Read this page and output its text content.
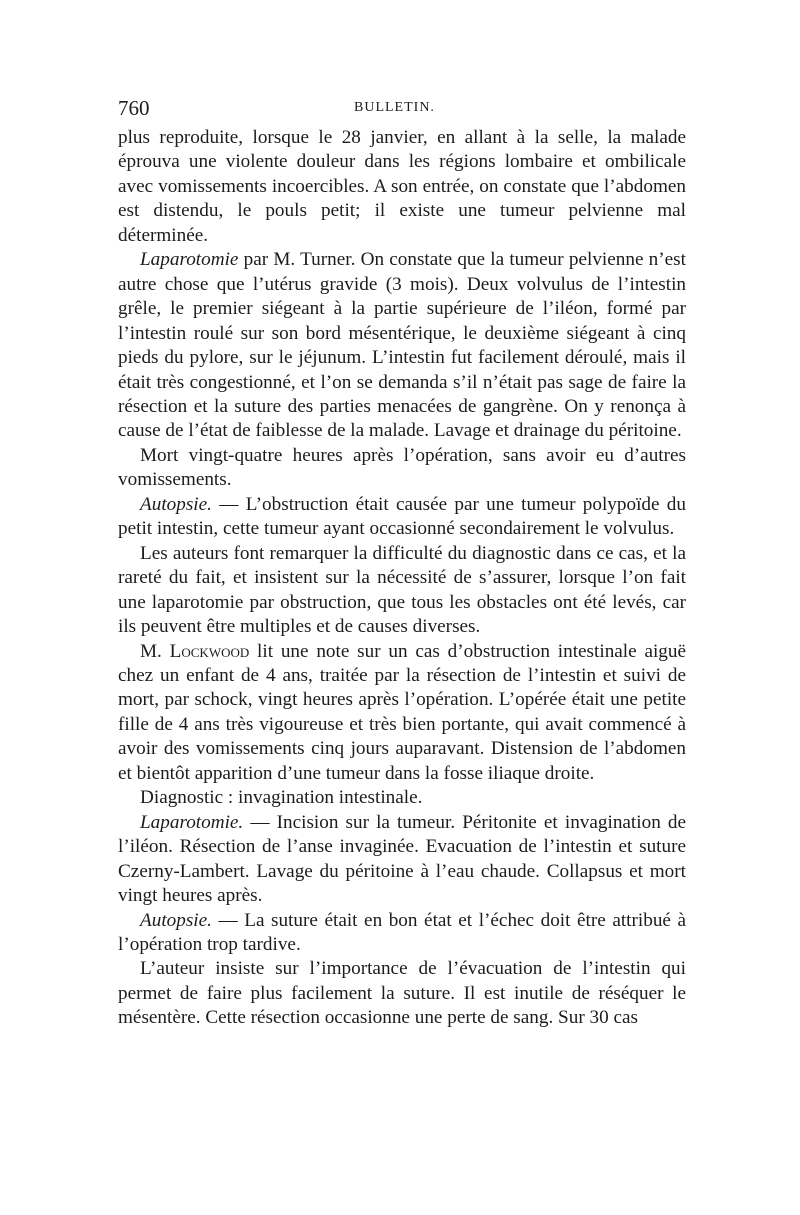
760	BULLETIN.

plus reproduite, lorsque le 28 janvier, en allant à la selle, la malade éprouva une violente douleur dans les régions lombaire et ombilicale avec vomissements incoercibles. A son entrée, on constate que l’abdomen est distendu, le pouls petit; il existe une tumeur pelvienne mal déterminée.

Laparotomie par M. Turner. On constate que la tumeur pelvienne n’est autre chose que l’utérus gravide (3 mois). Deux volvulus de l’intestin grêle, le premier siégeant à la partie supérieure de l’iléon, formé par l’intestin roulé sur son bord mésentérique, le deuxième siégeant à cinq pieds du pylore, sur le jéjunum. L’intestin fut facilement déroulé, mais il était très congestionné, et l’on se demanda s’il n’était pas sage de faire la résection et la suture des parties menacées de gangrène. On y renonça à cause de l’état de faiblesse de la malade. Lavage et drainage du péritoine.

Mort vingt-quatre heures après l’opération, sans avoir eu d’autres vomissements.

Autopsie. — L’obstruction était causée par une tumeur polypoïde du petit intestin, cette tumeur ayant occasionné secondairement le volvulus.

Les auteurs font remarquer la difficulté du diagnostic dans ce cas, et la rareté du fait, et insistent sur la nécessité de s’assurer, lorsque l’on fait une laparotomie par obstruction, que tous les obstacles ont été levés, car ils peuvent être multiples et de causes diverses.

M. Lockwood lit une note sur un cas d’obstruction intestinale aiguë chez un enfant de 4 ans, traitée par la résection de l’intestin et suivi de mort, par schock, vingt heures après l’opération. L’opérée était une petite fille de 4 ans très vigoureuse et très bien portante, qui avait commencé à avoir des vomissements cinq jours auparavant. Distension de l’abdomen et bientôt apparition d’une tumeur dans la fosse iliaque droite.

Diagnostic : invagination intestinale.

Laparotomie. — Incision sur la tumeur. Péritonite et invagination de l’iléon. Résection de l’anse invaginée. Evacuation de l’intestin et suture Czerny-Lambert. Lavage du péritoine à l’eau chaude. Collapsus et mort vingt heures après.

Autopsie. — La suture était en bon état et l’échec doit être attribué à l’opération trop tardive.

L’auteur insiste sur l’importance de l’évacuation de l’intestin qui permet de faire plus facilement la suture. Il est inutile de réséquer le mésentère. Cette résection occasionne une perte de sang. Sur 30 cas
